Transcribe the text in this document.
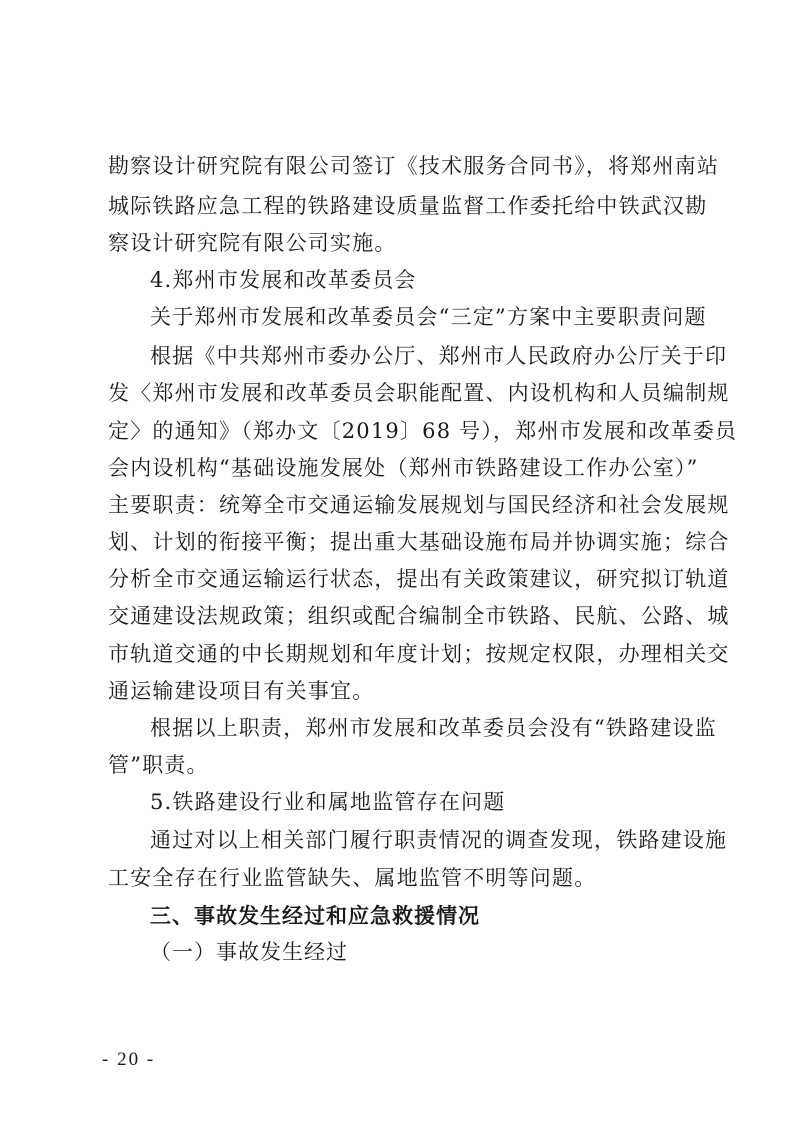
勘察设计研究院有限公司签订《技术服务合同书》，将郑州南站
城际铁路应急工程的铁路建设质量监督工作委托给中铁武汉勘
察设计研究院有限公司实施。
4.郑州市发展和改革委员会
关于郑州市发展和改革委员会“三定”方案中主要职责问题
根据《中共郑州市委办公厅、郑州市人民政府办公厅关于印
发〈郑州市发展和改革委员会职能配置、内设机构和人员编制规
定〉的通知》（郑办文〔2019〕68 号），郑州市发展和改革委员
会内设机构“基础设施发展处（郑州市铁路建设工作办公室）”
主要职责：统筹全市交通运输发展规划与国民经济和社会发展规
划、计划的衔接平衡；提出重大基础设施布局并协调实施；综合
分析全市交通运输运行状态，提出有关政策建议，研究拟订轨道
交通建设法规政策；组织或配合编制全市铁路、民航、公路、城
市轨道交通的中长期规划和年度计划；按规定权限，办理相关交
通运输建设项目有关事宜。
根据以上职责，郑州市发展和改革委员会没有“铁路建设监
管”职责。
5.铁路建设行业和属地监管存在问题
通过对以上相关部门履行职责情况的调查发现，铁路建设施
工安全存在行业监管缺失、属地监管不明等问题。
三、事故发生经过和应急救援情况
（一）事故发生经过
- 20 -
